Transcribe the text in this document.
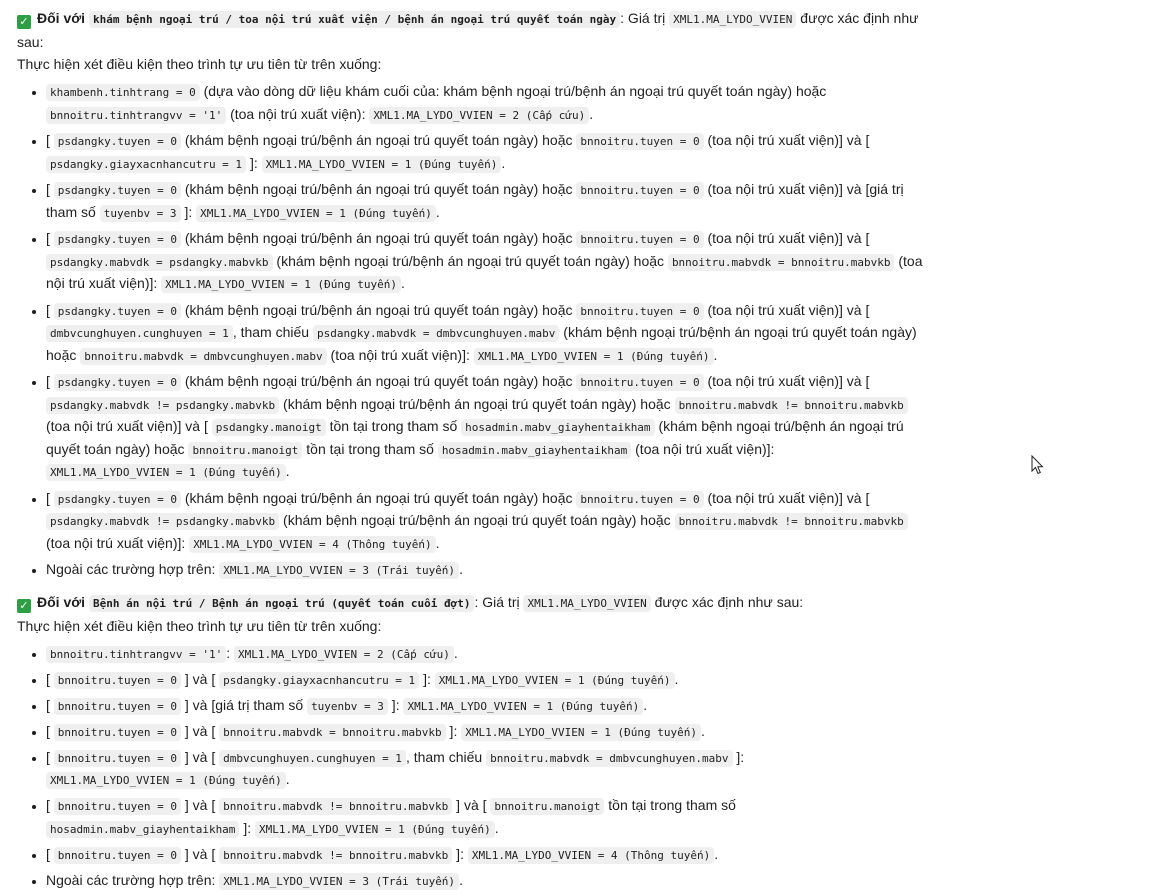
✓ Đối với khám bệnh ngoại trú / toa nội trú xuất viện / bệnh án ngoại trú quyết toán ngày : Giá trị XML1.MA_LYDO_VVIEN được xác định như sau:

Thực hiện xét điều kiện theo trình tự ưu tiên từ trên xuống:

• khambenh.tinhtrang = 0 (dựa vào dòng dữ liệu khám cuối của: khám bệnh ngoại trú/bệnh án ngoại trú quyết toán ngày) hoặc bnnoitru.tinhtrangvv = '1' (toa nội trú xuất viện): XML1.MA_LYDO_VVIEN = 2 (Cấp cứu) .
• [ psdangky.tuyen = 0 (khám bệnh ngoại trú/bệnh án ngoại trú quyết toán ngày) hoặc bnnoitru.tuyen = 0 (toa nội trú xuất viện)] và [ psdangky.giayxacnhancutru = 1 ]: XML1.MA_LYDO_VVIEN = 1 (Đúng tuyến) .
• [ psdangky.tuyen = 0 (khám bệnh ngoại trú/bệnh án ngoại trú quyết toán ngày) hoặc bnnoitru.tuyen = 0 (toa nội trú xuất viện)] và [giá trị tham số tuyenbv = 3 ]: XML1.MA_LYDO_VVIEN = 1 (Đúng tuyến) .
• [ psdangky.tuyen = 0 (khám bệnh ngoại trú/bệnh án ngoại trú quyết toán ngày) hoặc bnnoitru.tuyen = 0 (toa nội trú xuất viện)] và [ psdangky.mabvdk = psdangky.mabvkb (khám bệnh ngoại trú/bệnh án ngoại trú quyết toán ngày) hoặc bnnoitru.mabvdk = bnnoitru.mabvkb (toa nội trú xuất viện)]: XML1.MA_LYDO_VVIEN = 1 (Đúng tuyến) .
• [ psdangky.tuyen = 0 (khám bệnh ngoại trú/bệnh án ngoại trú quyết toán ngày) hoặc bnnoitru.tuyen = 0 (toa nội trú xuất viện)] và [ dmbvcunghuyen.cunghuyen = 1 , tham chiếu psdangky.mabvdk = dmbvcunghuyen.mabv (khám bệnh ngoại trú/bệnh án ngoại trú quyết toán ngày) hoặc bnnoitru.mabvdk = dmbvcunghuyen.mabv (toa nội trú xuất viện)]: XML1.MA_LYDO_VVIEN = 1 (Đúng tuyến) .
• [ psdangky.tuyen = 0 (khám bệnh ngoại trú/bệnh án ngoại trú quyết toán ngày) hoặc bnnoitru.tuyen = 0 (toa nội trú xuất viện)] và [ psdangky.mabvdk != psdangky.mabvkb (khám bệnh ngoại trú/bệnh án ngoại trú quyết toán ngày) hoặc bnnoitru.mabvdk != bnnoitru.mabvkb (toa nội trú xuất viện)] và [ psdangky.manoigt tồn tại trong tham số hosadmin.mabv_giayhentaikham (khám bệnh ngoại trú/bệnh án ngoại trú quyết toán ngày) hoặc bnnoitru.manoigt tồn tại trong tham số hosadmin.mabv_giayhentaikham (toa nội trú xuất viện)]: XML1.MA_LYDO_VVIEN = 1 (Đúng tuyến) .
• [ psdangky.tuyen = 0 (khám bệnh ngoại trú/bệnh án ngoại trú quyết toán ngày) hoặc bnnoitru.tuyen = 0 (toa nội trú xuất viện)] và [ psdangky.mabvdk != psdangky.mabvkb (khám bệnh ngoại trú/bệnh án ngoại trú quyết toán ngày) hoặc bnnoitru.mabvdk != bnnoitru.mabvkb (toa nội trú xuất viện)]: XML1.MA_LYDO_VVIEN = 4 (Thông tuyến) .
• Ngoài các trường hợp trên: XML1.MA_LYDO_VVIEN = 3 (Trái tuyến) .

✓ Đối với Bệnh án nội trú / Bệnh án ngoại trú (quyết toán cuối đợt) : Giá trị XML1.MA_LYDO_VVIEN được xác định như sau:

Thực hiện xét điều kiện theo trình tự ưu tiên từ trên xuống:

• bnnoitru.tinhtrangvv = '1' : XML1.MA_LYDO_VVIEN = 2 (Cấp cứu) .
• [ bnnoitru.tuyen = 0 ] và [ psdangky.giayxacnhancutru = 1 ]: XML1.MA_LYDO_VVIEN = 1 (Đúng tuyến) .
• [ bnnoitru.tuyen = 0 ] và [giá trị tham số tuyenbv = 3 ]: XML1.MA_LYDO_VVIEN = 1 (Đúng tuyến) .
• [ bnnoitru.tuyen = 0 ] và [ bnnoitru.mabvdk = bnnoitru.mabvkb ]: XML1.MA_LYDO_VVIEN = 1 (Đúng tuyến) .
• [ bnnoitru.tuyen = 0 ] và [ dmbvcunghuyen.cunghuyen = 1 , tham chiếu bnnoitru.mabvdk = dmbvcunghuyen.mabv ]: XML1.MA_LYDO_VVIEN = 1 (Đúng tuyến) .
• [ bnnoitru.tuyen = 0 ] và [ bnnoitru.mabvdk != bnnoitru.mabvkb ] và [ bnnoitru.manoigt tồn tại trong tham số hosadmin.mabv_giayhentaikham ]: XML1.MA_LYDO_VVIEN = 1 (Đúng tuyến) .
• [ bnnoitru.tuyen = 0 ] và [ bnnoitru.mabvdk != bnnoitru.mabvkb ]: XML1.MA_LYDO_VVIEN = 4 (Thông tuyến) .
• Ngoài các trường hợp trên: XML1.MA_LYDO_VVIEN = 3 (Trái tuyến) .
